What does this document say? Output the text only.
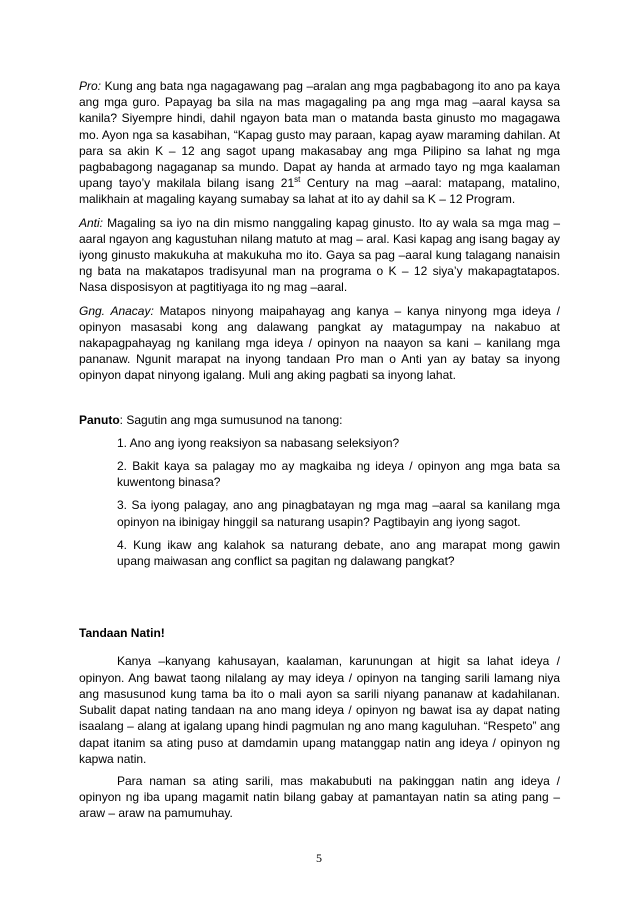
Pro: Kung ang bata nga nagagawang pag –aralan ang mga pagbabagong ito ano pa kaya ang mga guro. Papayag ba sila na mas magagaling pa ang mga mag –aaral kaysa sa kanila? Siyempre hindi, dahil ngayon bata man o matanda basta ginusto mo magagawa mo. Ayon nga sa kasabihan, “Kapag gusto may paraan, kapag ayaw maraming dahilan. At para sa akin K – 12 ang sagot upang makasabay ang mga Pilipino sa lahat ng mga pagbabagong nagaganap sa mundo. Dapat ay handa at armado tayo ng mga kaalaman upang tayo’y makilala bilang isang 21st Century na mag –aaral: matapang, matalino, malikhain at magaling kayang sumabay sa lahat at ito ay dahil sa K – 12 Program.

Anti: Magaling sa iyo na din mismo nanggaling kapag ginusto. Ito ay wala sa mga mag –aaral ngayon ang kagustuhan nilang matuto at mag – aral. Kasi kapag ang isang bagay ay iyong ginusto makukuha at makukuha mo ito. Gaya sa pag –aaral kung talagang nanaisin ng bata na makatapos tradisyunal man na programa o K – 12 siya’y makapagtatapos. Nasa disposisyon at pagtitiyaga ito ng mag –aaral.

Gng. Anacay: Matapos ninyong maipahayag ang kanya – kanya ninyong mga ideya / opinyon masasabi kong ang dalawang pangkat ay matagumpay na nakabuo at nakapagpahayag ng kanilang mga ideya / opinyon na naayon sa kani – kanilang mga pananaw. Ngunit marapat na inyong tandaan Pro man o Anti yan ay batay sa inyong opinyon dapat ninyong igalang. Muli ang aking pagbati sa inyong lahat.

Panuto: Sagutin ang mga sumusunod na tanong:

1. Ano ang iyong reaksiyon sa nabasang seleksiyon?

2. Bakit kaya sa palagay mo ay magkaiba ng ideya / opinyon ang mga bata sa kuwentong binasa?

3. Sa iyong palagay, ano ang pinagbatayan ng mga mag –aaral sa kanilang mga opinyon na ibinigay hinggil sa naturang usapin? Pagtibayin ang iyong sagot.

4. Kung ikaw ang kalahok sa naturang debate, ano ang marapat mong gawin upang maiwasan ang conflict sa pagitan ng dalawang pangkat?

Tandaan Natin!

Kanya –kanyang kahusayan, kaalaman, karunungan at higit sa lahat ideya / opinyon. Ang bawat taong nilalang ay may ideya / opinyon na tanging sarili lamang niya ang masusunod kung tama ba ito o mali ayon sa sarili niyang pananaw at kadahilanan. Subalit dapat nating tandaan na ano mang ideya / opinyon ng bawat isa ay dapat nating isaalang – alang at igalang upang hindi pagmulan ng ano mang kaguluhan. “Respeto” ang dapat itanim sa ating puso at damdamin upang matanggap natin ang ideya / opinyon ng kapwa natin.

Para naman sa ating sarili, mas makabubuti na pakinggan natin ang ideya / opinyon ng iba upang magamit natin bilang gabay at pamantayan natin sa ating pang – araw – araw na pamumuhay.

5
